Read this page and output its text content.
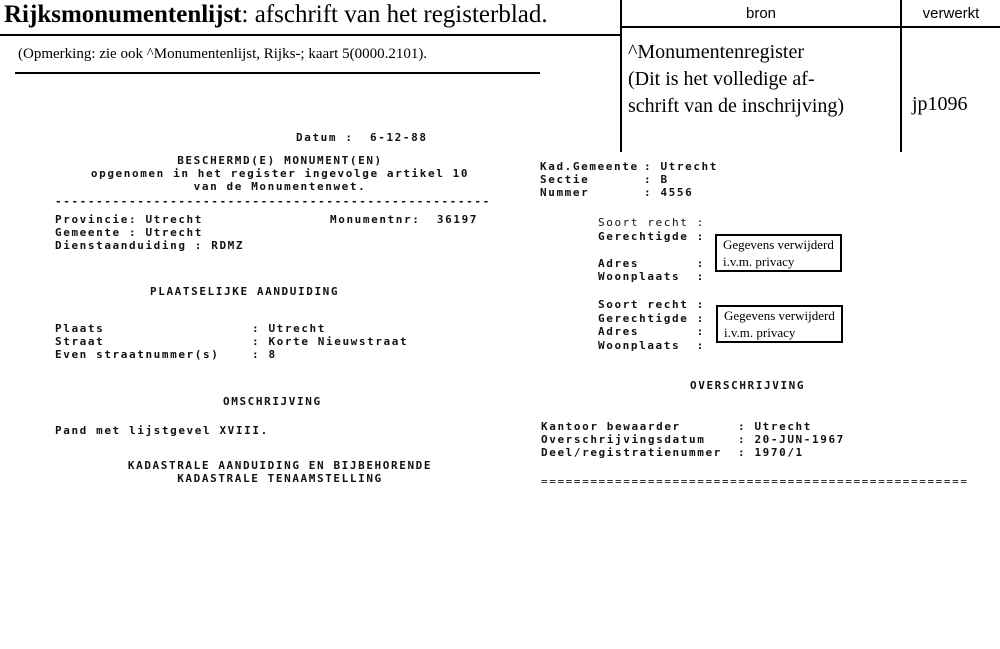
Rijksmonumentenlijst: afschrift van het registerblad.
(Opmerking: zie ook ^Monumentenlijst, Rijks-; kaart 5(0000.2101).
bron	verwerkt
^Monumentenregister
(Dit is het volledige af-
schrift van de inschrijving)	jp1096
Datum : 6-12-88
BESCHERMD(E) MONUMENT(EN)
opgenomen in het register ingevolge artikel 10
van de Monumentenwet.
-----------------------------------------------------
Provincie: Utrecht	Monumentnr: 36197
Gemeente : Utrecht
Dienstaanduiding : RDMZ
PLAATSELIJKE AANDUIDING
Plaats	: Utrecht
Straat	: Korte Nieuwstraat
Even straatnummer(s)	: 8
OMSCHRIJVING
Pand met lijstgevel XVIII.
KADASTRALE AANDUIDING EN BIJBEHORENDE
KADASTRALE TENAAMSTELLING
Kad.Gemeente : Utrecht
Sectie	: B
Nummer	: 4556
Soort recht :
Gerechtigde :

Adres       :
Woonplaats  :
Gegevens verwijderd
i.v.m. privacy
Soort recht :
Gerechtigde :
Adres       :
Woonplaats  :
Gegevens verwijderd
i.v.m. privacy
OVERSCHRIJVING
Kantoor bewaarder	: Utrecht
Overschrijvingsdatum	: 20-JUN-1967
Deel/registratienummer : 1970/1
====================================================
